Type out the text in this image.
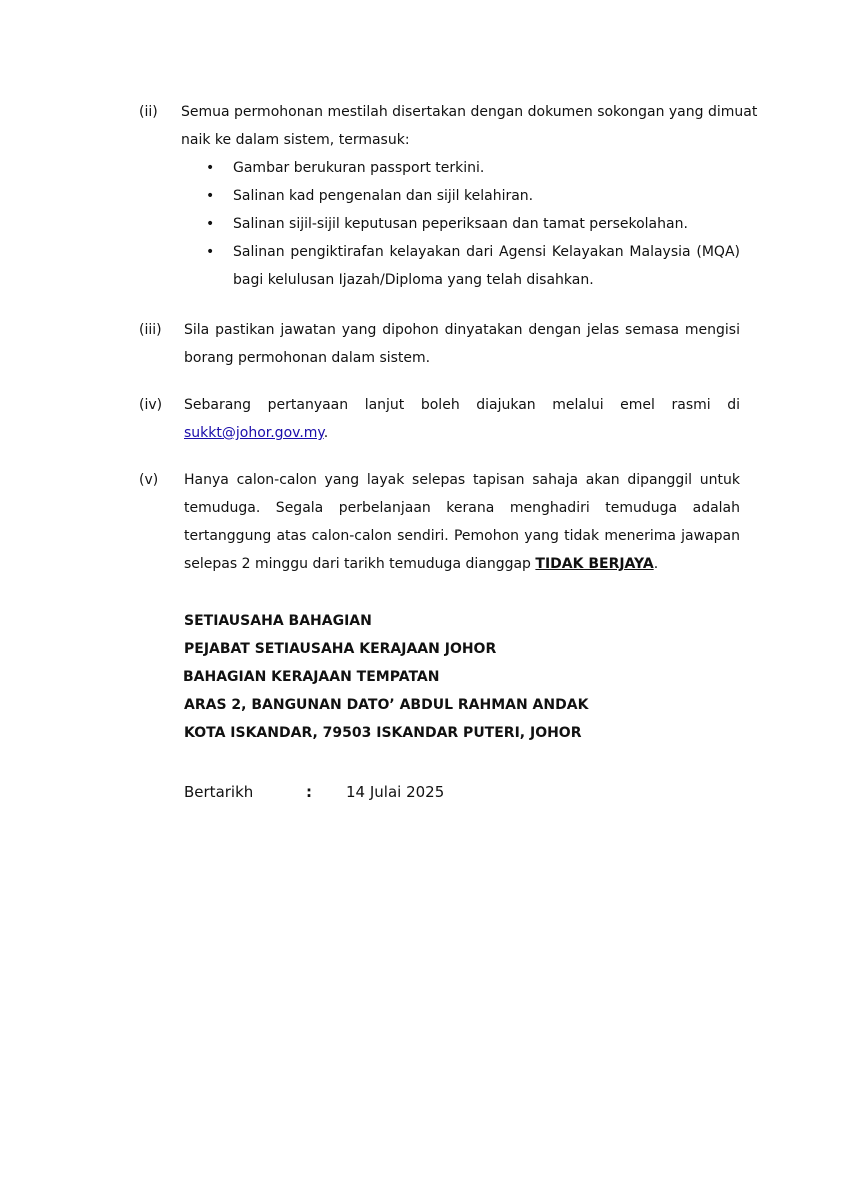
(ii) Semua permohonan mestilah disertakan dengan dokumen sokongan yang dimuat
naik ke dalam sistem, termasuk:
• Gambar berukuran passport terkini.
• Salinan kad pengenalan dan sijil kelahiran.
• Salinan sijil-sijil keputusan peperiksaan dan tamat persekolahan.
• Salinan pengiktirafan kelayakan dari Agensi Kelayakan Malaysia (MQA)
bagi kelulusan Ijazah/Diploma yang telah disahkan.
(iii) Sila pastikan jawatan yang dipohon dinyatakan dengan jelas semasa mengisi
borang permohonan dalam sistem.
(iv) Sebarang pertanyaan lanjut boleh diajukan melalui emel rasmi di
sukkt@johor.gov.my.
(v) Hanya calon-calon yang layak selepas tapisan sahaja akan dipanggil untuk
temuduga. Segala perbelanjaan kerana menghadiri temuduga adalah
tertanggung atas calon-calon sendiri. Pemohon yang tidak menerima jawapan
selepas 2 minggu dari tarikh temuduga dianggap TIDAK BERJAYA.
SETIAUSAHA BAHAGIAN
PEJABAT SETIAUSAHA KERAJAAN JOHOR
BAHAGIAN KERAJAAN TEMPATAN
ARAS 2, BANGUNAN DATO’ ABDUL RAHMAN ANDAK
KOTA ISKANDAR, 79503 ISKANDAR PUTERI, JOHOR
Bertarikh	: 14 Julai 2025
